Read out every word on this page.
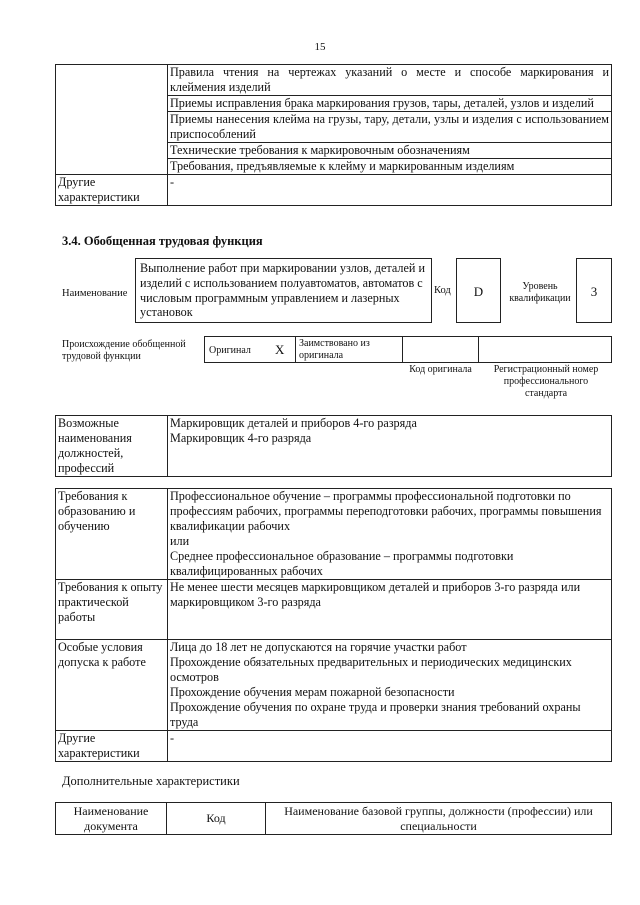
15
	Правила чтения на чертежах указаний о месте и способе маркирования и клеймения изделий
	Приемы исправления брака маркирования грузов, тары, деталей, узлов и изделий
	Приемы нанесения клейма на грузы, тару, детали, узлы и изделия с использованием приспособлений
	Технические требования к маркировочным обозначениям
	Требования, предъявляемые к клейму и маркированным изделиям
Другие характеристики	-
3.4. Обобщенная трудовая функция
Наименование
Выполнение работ при маркировании узлов, деталей и изделий с использованием полуавтоматов, автоматов с числовым программным управлением и лазерных установок
Код	D	Уровень квалификации	3
Происхождение обобщенной трудовой функции
Оригинал X	Заимствовано из оригинала
Код оригинала	Регистрационный номер профессионального стандарта
Возможные наименования должностей, профессий	
Маркировщик деталей и приборов 4-го разряда
Маркировщик 4-го разряда
Требования к образованию и обучению	Профессиональное обучение – программы профессиональной подготовки по профессиям рабочих, программы переподготовки рабочих, программы повышения квалификации рабочих
или
Среднее профессиональное образование – программы подготовки квалифицированных рабочих

Требования к опыту практической работы	Не менее шести месяцев маркировщиком деталей и приборов 3-го разряда или маркировщиком 3-го разряда

Особые условия допуска к работе	Лица до 18 лет не допускаются на горячие участки работ
Прохождение обязательных предварительных и периодических медицинских осмотров
Прохождение обучения мерам пожарной безопасности
Прохождение обучения по охране труда и проверки знания требований охраны труда

Другие характеристики	-
Дополнительные характеристики
Наименование документа	Код	Наименование базовой группы, должности (профессии) или специальности
